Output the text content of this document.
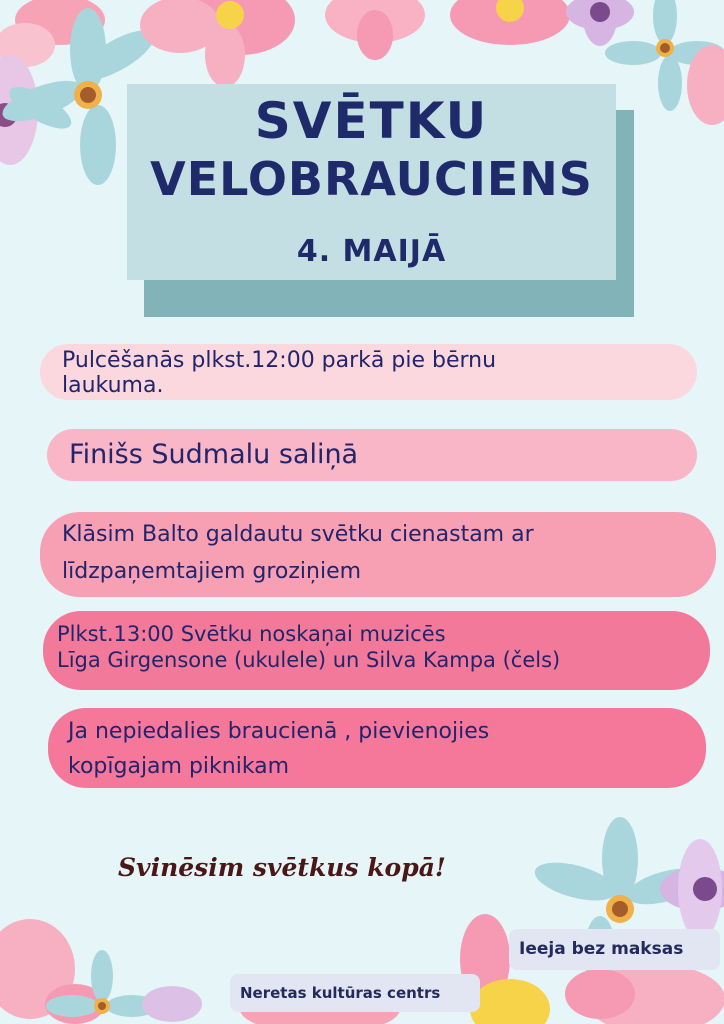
SVĒTKU
VELOBRAUCIENS
4. MAIJĀ
Pulcēšanās plkst.12:00 parkā pie bērnu
laukuma.
Finišs Sudmalu saliņā
Klāsim Balto galdautu svētku cienastam ar
līdzpaņemtajiem groziņiem
Plkst.13:00 Svētku noskaņai muzicēs
Līga Girgensone (ukulele) un Silva Kampa (čels)
Ja nepiedalies braucienā , pievienojies
kopīgajam piknikam
Svinēsim svētkus kopā!
Ieeja bez maksas
Neretas kultūras centrs
